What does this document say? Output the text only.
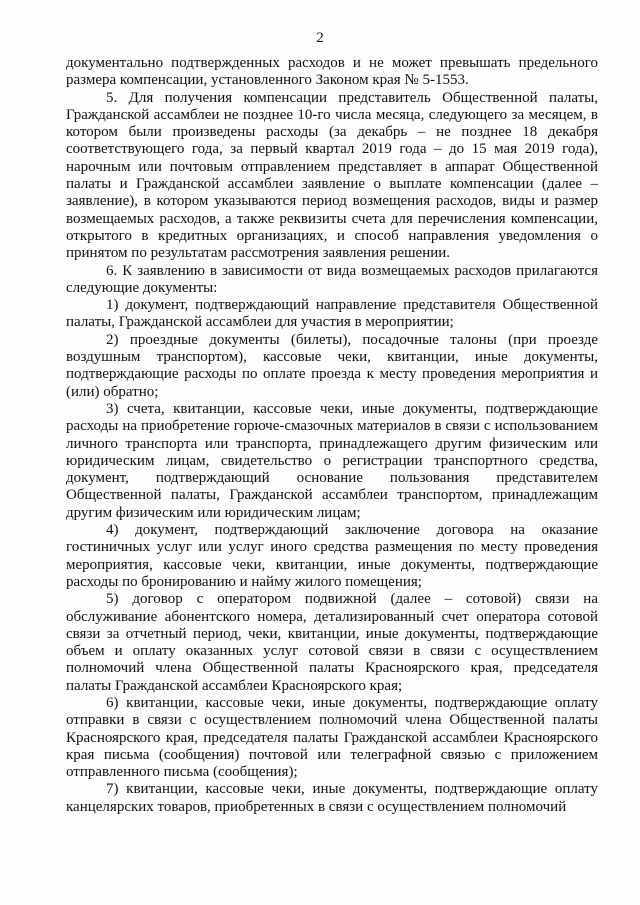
2

документально подтвержденных расходов и не может превышать предельного размера компенсации, установленного Законом края № 5-1553.

5. Для получения компенсации представитель Общественной палаты, Гражданской ассамблеи не позднее 10-го числа месяца, следующего за месяцем, в котором были произведены расходы (за декабрь – не позднее 18 декабря соответствующего года, за первый квартал 2019 года – до 15 мая 2019 года), нарочным или почтовым отправлением представляет в аппарат Общественной палаты и Гражданской ассамблеи заявление о выплате компенсации (далее – заявление), в котором указываются период возмещения расходов, виды и размер возмещаемых расходов, а также реквизиты счета для перечисления компенсации, открытого в кредитных организациях, и способ направления уведомления о принятом по результатам рассмотрения заявления решении.

6. К заявлению в зависимости от вида возмещаемых расходов прилагаются следующие документы:

1) документ, подтверждающий направление представителя Общественной палаты, Гражданской ассамблеи для участия в мероприятии;

2) проездные документы (билеты), посадочные талоны (при проезде воздушным транспортом), кассовые чеки, квитанции, иные документы, подтверждающие расходы по оплате проезда к месту проведения мероприятия и (или) обратно;

3) счета, квитанции, кассовые чеки, иные документы, подтверждающие расходы на приобретение горюче-смазочных материалов в связи с использованием личного транспорта или транспорта, принадлежащего другим физическим или юридическим лицам, свидетельство о регистрации транспортного средства, документ, подтверждающий основание пользования представителем Общественной палаты, Гражданской ассамблеи транспортом, принадлежащим другим физическим или юридическим лицам;

4) документ, подтверждающий заключение договора на оказание гостиничных услуг или услуг иного средства размещения по месту проведения мероприятия, кассовые чеки, квитанции, иные документы, подтверждающие расходы по бронированию и найму жилого помещения;

5) договор с оператором подвижной (далее – сотовой) связи на обслуживание абонентского номера, детализированный счет оператора сотовой связи за отчетный период, чеки, квитанции, иные документы, подтверждающие объем и оплату оказанных услуг сотовой связи в связи с осуществлением полномочий члена Общественной палаты Красноярского края, председателя палаты Гражданской ассамблеи Красноярского края;

6) квитанции, кассовые чеки, иные документы, подтверждающие оплату отправки в связи с осуществлением полномочий члена Общественной палаты Красноярского края, председателя палаты Гражданской ассамблеи Красноярского края письма (сообщения) почтовой или телеграфной связью с приложением отправленного письма (сообщения);

7) квитанции, кассовые чеки, иные документы, подтверждающие оплату канцелярских товаров, приобретенных в связи с осуществлением полномочий
